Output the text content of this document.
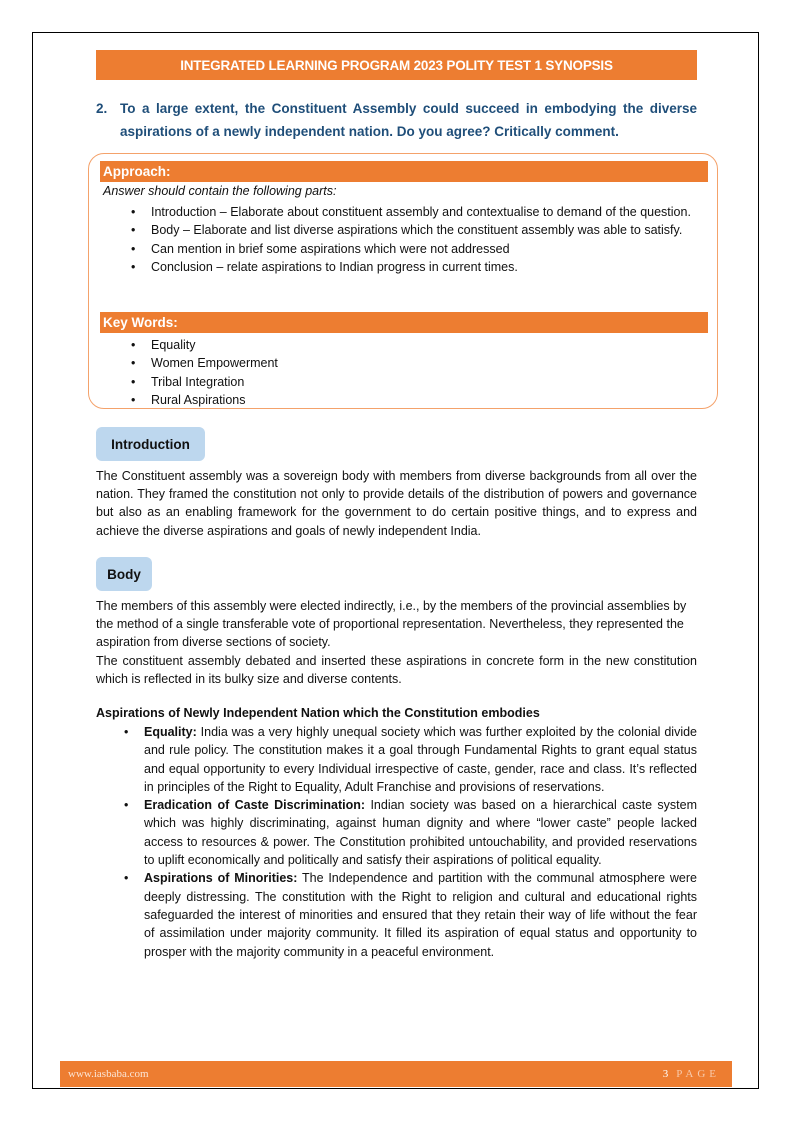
INTEGRATED LEARNING PROGRAM 2023 POLITY TEST 1 SYNOPSIS
2. To a large extent, the Constituent Assembly could succeed in embodying the diverse aspirations of a newly independent nation. Do you agree? Critically comment.
Approach:
Answer should contain the following parts:
• Introduction – Elaborate about constituent assembly and contextualise to demand of the question.
• Body – Elaborate and list diverse aspirations which the constituent assembly was able to satisfy.
• Can mention in brief some aspirations which were not addressed
• Conclusion – relate aspirations to Indian progress in current times.
Key Words:
• Equality
• Women Empowerment
• Tribal Integration
• Rural Aspirations
Introduction

The Constituent assembly was a sovereign body with members from diverse backgrounds from all over the nation. They framed the constitution not only to provide details of the distribution of powers and governance but also as an enabling framework for the government to do certain positive things, and to express and achieve the diverse aspirations and goals of newly independent India.

Body

The members of this assembly were elected indirectly, i.e., by the members of the provincial assemblies by the method of a single transferable vote of proportional representation. Nevertheless, they represented the aspiration from diverse sections of society.

The constituent assembly debated and inserted these aspirations in concrete form in the new constitution which is reflected in its bulky size and diverse contents.

Aspirations of Newly Independent Nation which the Constitution embodies
• Equality: India was a very highly unequal society which was further exploited by the colonial divide and rule policy. The constitution makes it a goal through Fundamental Rights to grant equal status and equal opportunity to every Individual irrespective of caste, gender, race and class. It’s reflected in principles of the Right to Equality, Adult Franchise and provisions of reservations.
• Eradication of Caste Discrimination: Indian society was based on a hierarchical caste system which was highly discriminating, against human dignity and where “lower caste” people lacked access to resources & power. The Constitution prohibited untouchability, and provided reservations to uplift economically and politically and satisfy their aspirations of political equality.
• Aspirations of Minorities: The Independence and partition with the communal atmosphere were deeply distressing. The constitution with the Right to religion and cultural and educational rights safeguarded the interest of minorities and ensured that they retain their way of life without the fear of assimilation under majority community. It filled its aspiration of equal status and opportunity to prosper with the majority community in a peaceful environment.
www.iasbaba.com	3 PAGE
